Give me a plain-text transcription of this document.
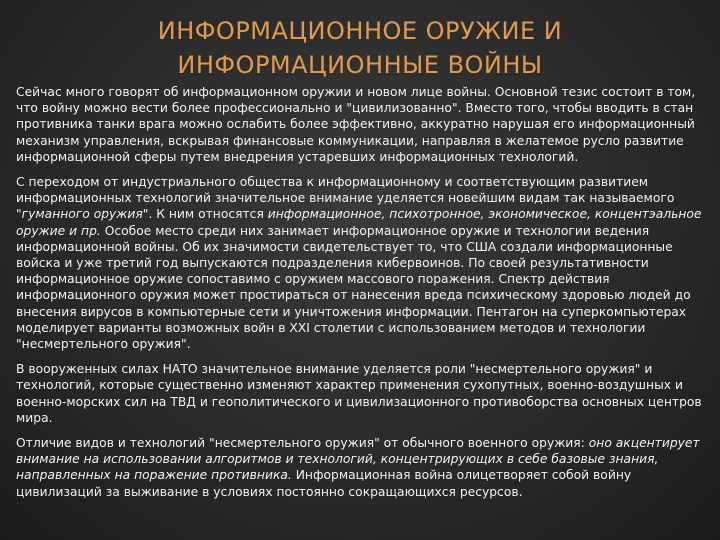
ИНФОРМАЦИОННОЕ ОРУЖИЕ И
ИНФОРМАЦИОННЫЕ ВОЙНЫ

Сейчас много говорят об информационном оружии и новом лице войны. Основной тезис состоит в том, что войну можно вести более профессионально и "цивилизованно". Вместо того, чтобы вводить в стан противника танки врага можно ослабить более эффективно, аккуратно нарушая его информационный механизм управления, вскрывая финансовые коммуникации, направляя в желатемое русло развитие информационной сферы путем внедрения устаревших информационных технологий.

С переходом от индустриального общества к информационному и соответствующим развитием информационных технологий значительное внимание уделяется новейшим видам так называемого "гуманного оружия". К ним относятся информационное, психотронное, экономическое, концентэальное оружие и пр. Особое место среди них занимает информационное оружие и технологии ведения информационной войны. Об их значимости свидетельствует то, что США создали информационные войска и уже третий год выпускаются подразделения кибервоинов. По своей результативности информационное оружие сопоставимо с оружием массового поражения. Спектр действия информационного оружия может простираться от нанесения вреда психическому здоровью людей до внесения вирусов в компьютерные сети и уничтожения информации. Пентагон на суперкомпьютерах моделирует варианты возможных войн в XXI столетии с использованием методов и технологии "несмертельного оружия".

В вооруженных силах НАТО значительное внимание уделяется роли "несмертельного оружия" и технологий, которые существенно изменяют характер применения сухопутных, военно-воздушных и военно-морских сил на ТВД и геополитического и цивилизационного противоборства основных центров мира.

Отличие видов и технологий "несмертельного оружия" от обычного военного оружия: оно акцентирует внимание на использовании алгоритмов и технологий, концентрирующих в себе базовые знания, направленных на поражение противника. Информационная война олицетворяет собой войну цивилизаций за выживание в условиях постоянно сокращающихся ресурсов.
